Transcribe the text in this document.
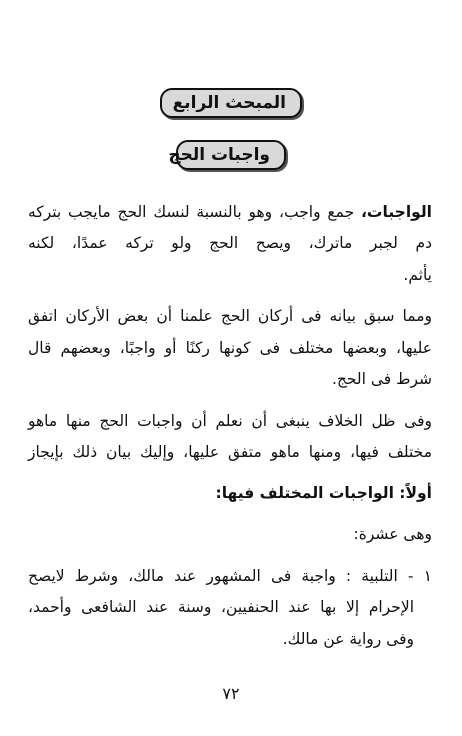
المبحث الرابع
واجبات الحج
الواجبات، جمع واجب، وهو بالنسبة لنسك الحج مايجب بتركه
دم لجبر ماترك، ويصح الحج ولو تركه عمدًا، لكنه
يأثم.
ومما سبق بيانه فى أركان الحج علمنا أن بعض الأركان اتفق
عليها، وبعضها مختلف فى كونها ركنًا أو واجبًا، وبعضهم قال
شرط فى الحج.
وفى ظل الخلاف ينبغى أن نعلم أن واجبات الحج منها ماهو
مختلف فيها، ومنها ماهو متفق عليها، وإليك بيان ذلك بإيجاز
أولاً: الواجبات المختلف فيها:
وهى عشرة:
١ - التلبية : واجبة فى المشهور عند مالك، وشرط لايصح
الإحرام إلا بها عند الحنفيين، وسنة عند الشافعى وأحمد،
وفى رواية عن مالك.
٧٢
